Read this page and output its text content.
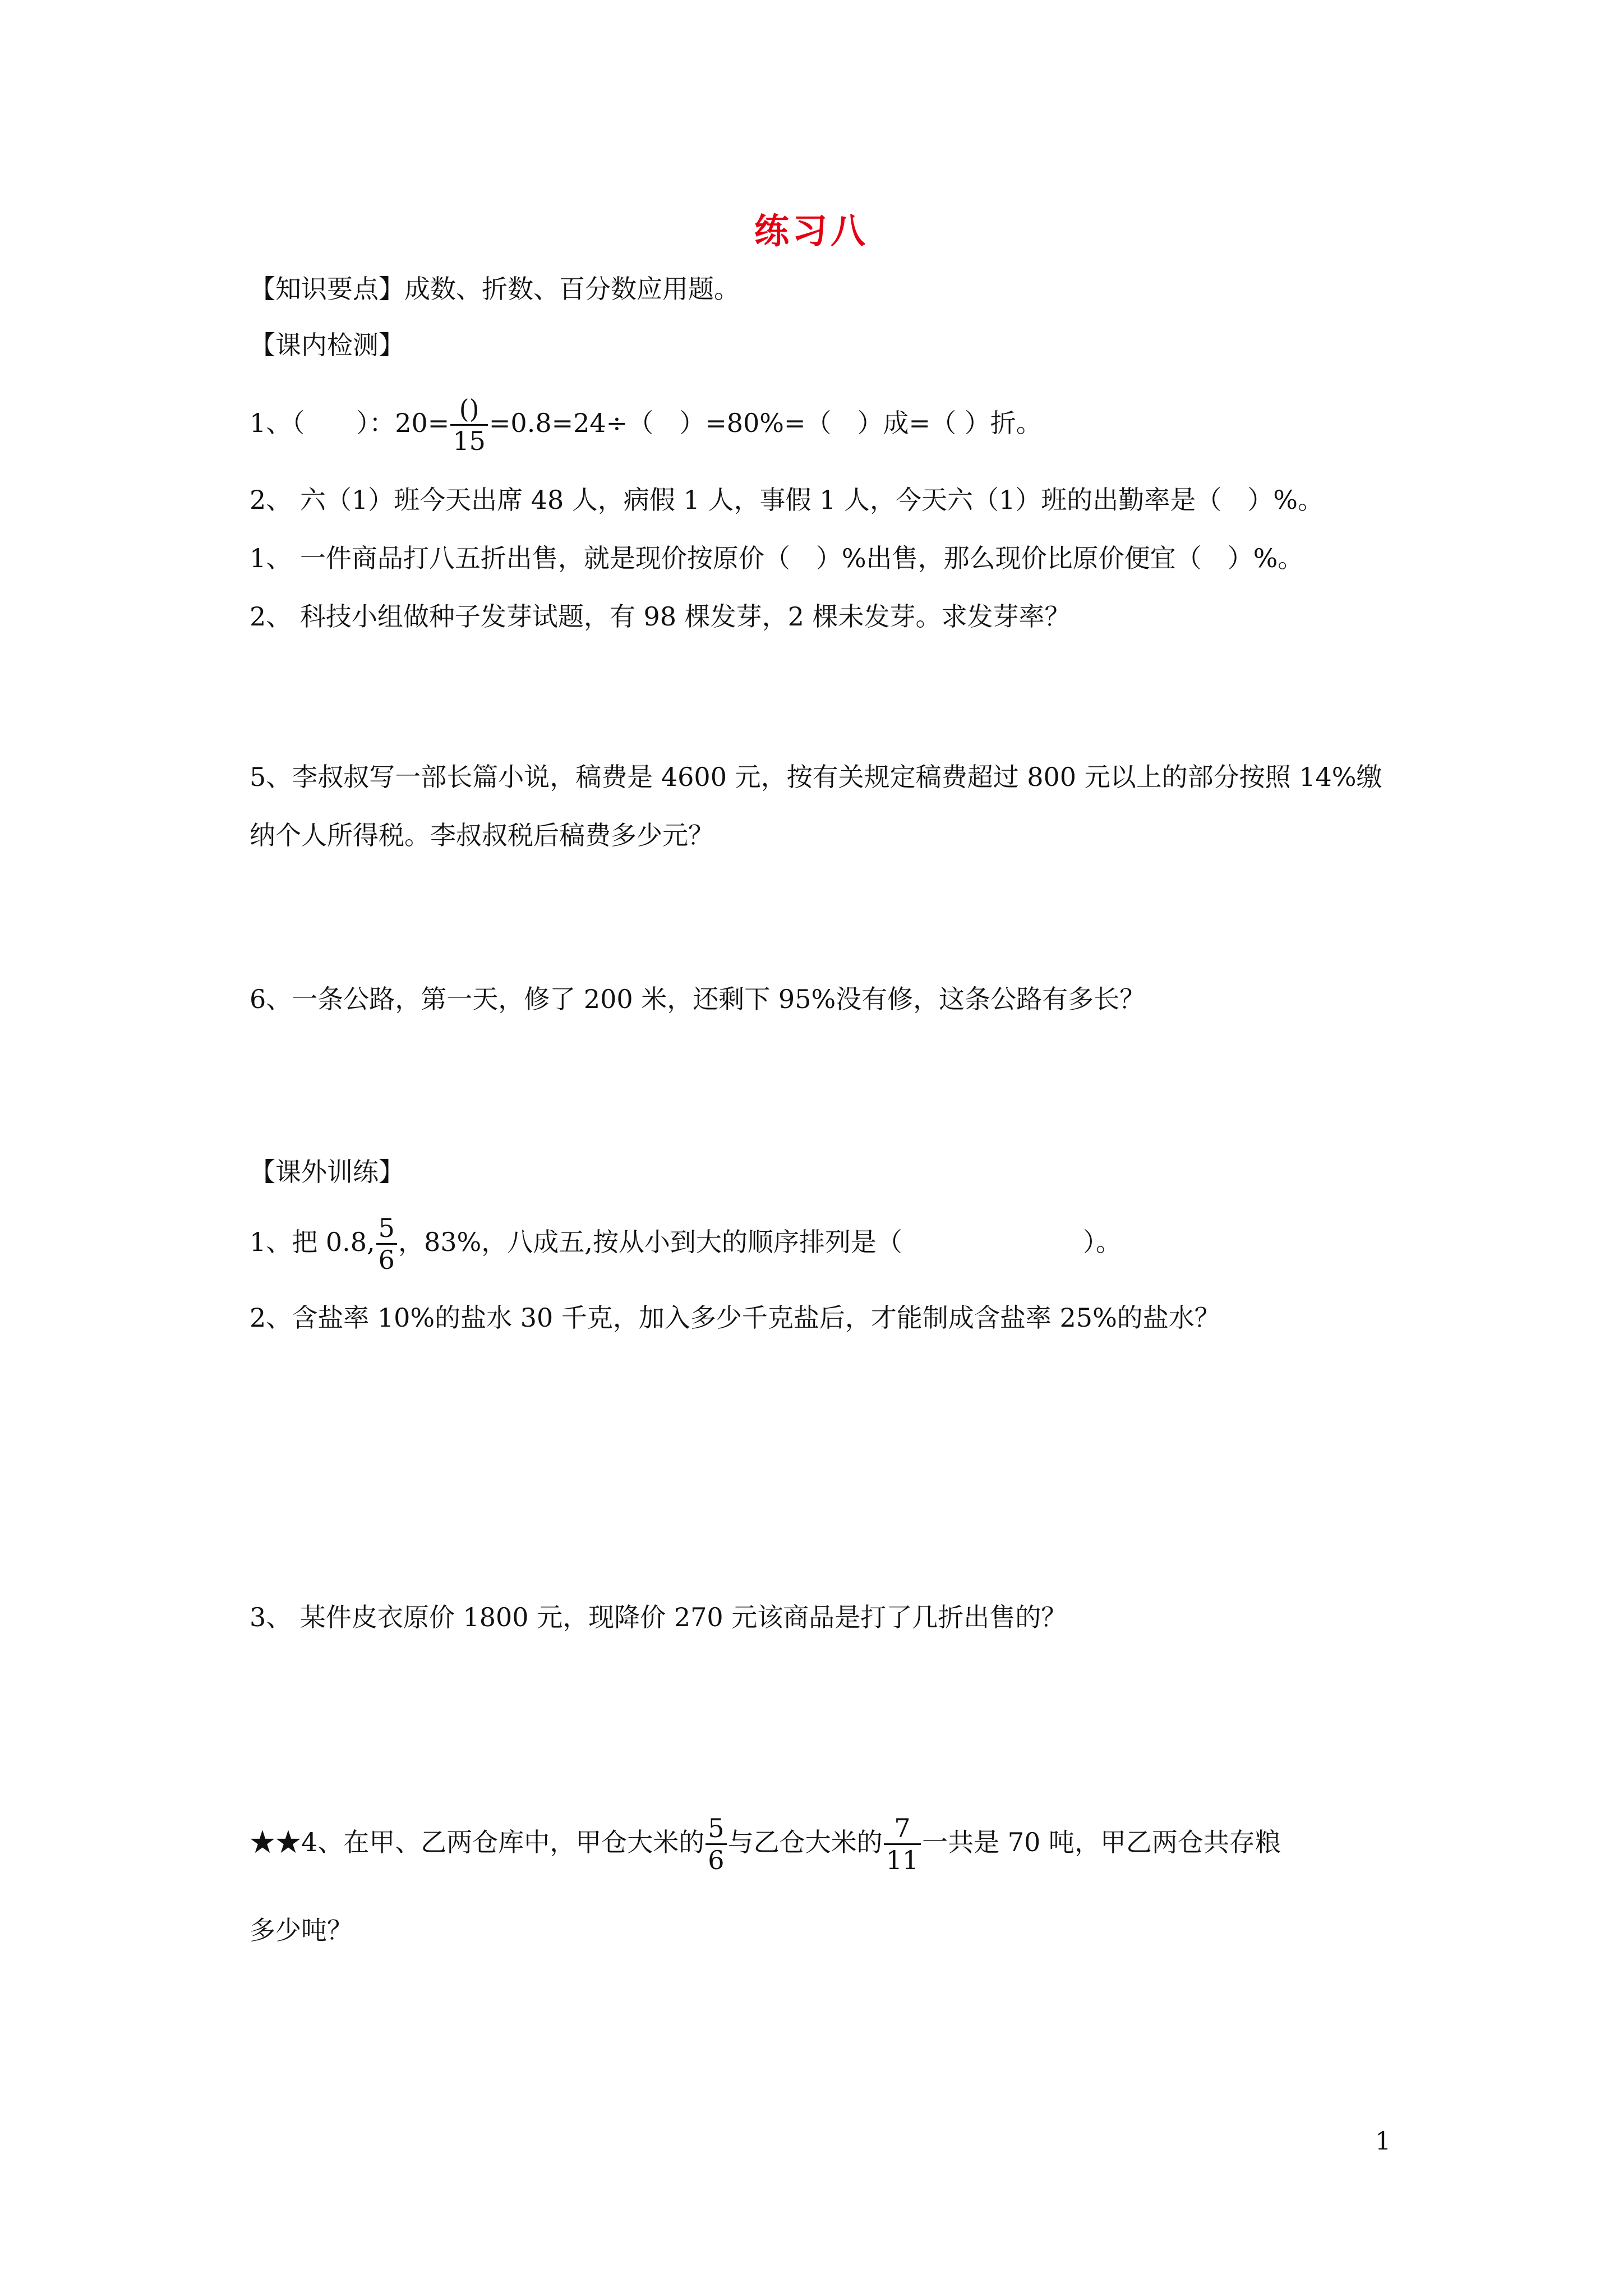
练习八
【知识要点】成数、折数、百分数应用题。
【课内检测】
1、（　　）：$20= \frac{()}{15} =0.8=24\div$（　）=80%=（　）成=（ ）折。
2、 六（1）班今天出席 48 人，病假 1 人，事假 1 人，今天六（1）班的出勤率是（　）%。
1、 一件商品打八五折出售，就是现价按原价（　）%出售，那么现价比原价便宜（　）%。
2、 科技小组做种子发芽试题，有 98 棵发芽，2 棵未发芽。求发芽率？
5、李叔叔写一部长篇小说，稿费是 4600 元，按有关规定稿费超过 800 元以上的部分按照 14%缴
纳个人所得税。李叔叔税后稿费多少元？
6、一条公路，第一天，修了 200 米，还剩下 95%没有修，这条公路有多长？
【课外训练】
1、把 0.8, $\frac{5}{6}$ ，83%，八成五,按从小到大的顺序排列是（　　　　　　　）。
2、含盐率 10%的盐水 30 千克，加入多少千克盐后，才能制成含盐率 25%的盐水？
3、 某件皮衣原价 1800 元，现降价 270 元该商品是打了几折出售的？
★★4、在甲、乙两仓库中，甲仓大米的 $\frac{5}{6}$ 与乙仓大米的 $\frac{7}{11}$ 一共是 70 吨，甲乙两仓共存粮
多少吨？
1
